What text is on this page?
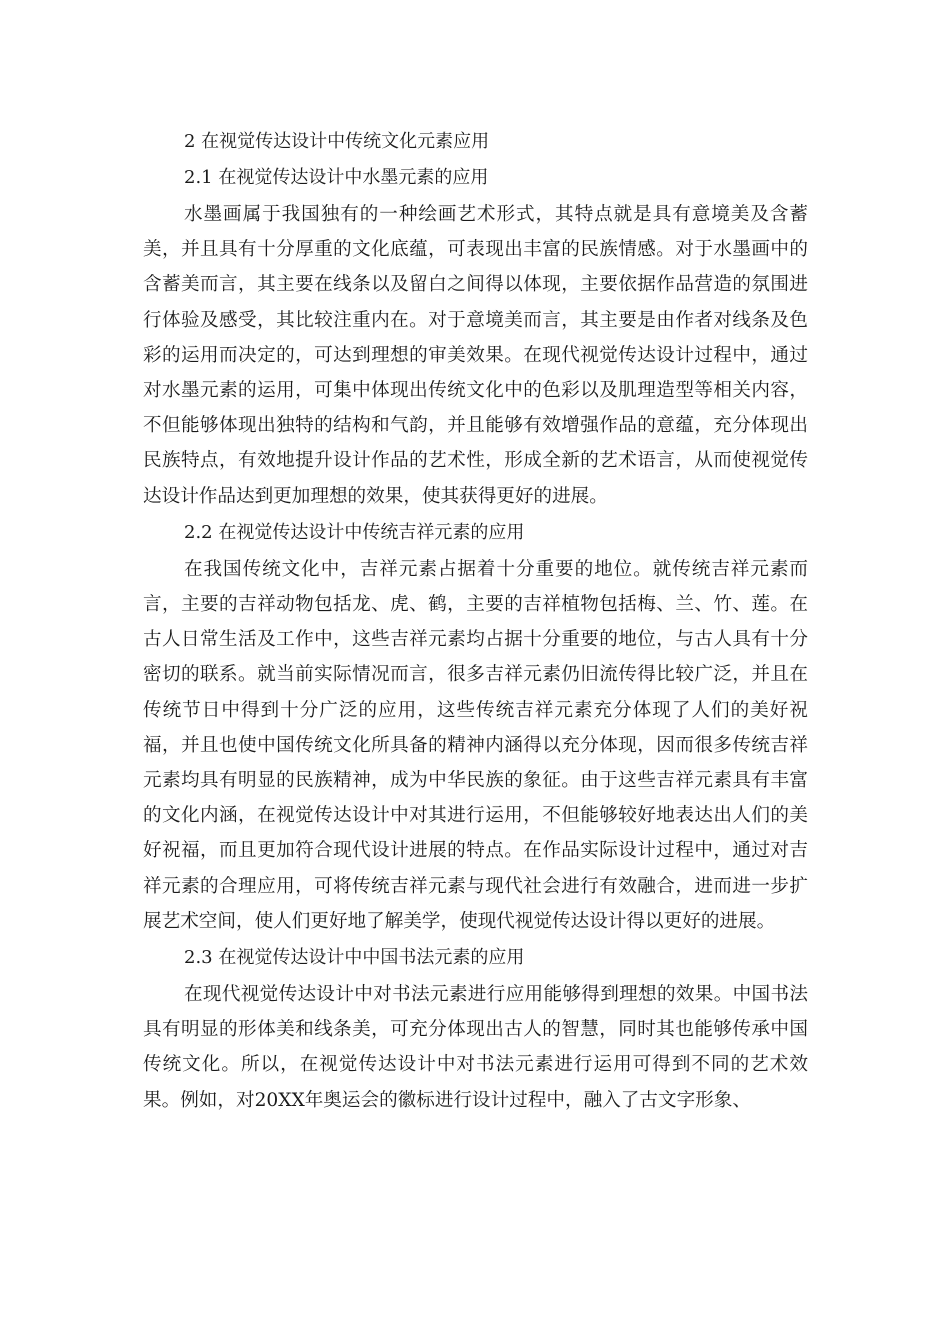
2 在视觉传达设计中传统文化元素应用
2.1 在视觉传达设计中水墨元素的应用

水墨画属于我国独有的一种绘画艺术形式，其特点就是具有意境美及含蓄美，并且具有十分厚重的文化底蕴，可表现出丰富的民族情感。对于水墨画中的含蓄美而言，其主要在线条以及留白之间得以体现，主要依据作品营造的氛围进行体验及感受，其比较注重内在。对于意境美而言，其主要是由作者对线条及色彩的运用而决定的，可达到理想的审美效果。在现代视觉传达设计过程中，通过对水墨元素的运用，可集中体现出传统文化中的色彩以及肌理造型等相关内容，不但能够体现出独特的结构和气韵，并且能够有效增强作品的意蕴，充分体现出民族特点，有效地提升设计作品的艺术性，形成全新的艺术语言，从而使视觉传达设计作品达到更加理想的效果，使其获得更好的进展。

2.2 在视觉传达设计中传统吉祥元素的应用

在我国传统文化中，吉祥元素占据着十分重要的地位。就传统吉祥元素而言，主要的吉祥动物包括龙、虎、鹤，主要的吉祥植物包括梅、兰、竹、莲。在古人日常生活及工作中，这些吉祥元素均占据十分重要的地位，与古人具有十分密切的联系。就当前实际情况而言，很多吉祥元素仍旧流传得比较广泛，并且在传统节日中得到十分广泛的应用，这些传统吉祥元素充分体现了人们的美好祝福，并且也使中国传统文化所具备的精神内涵得以充分体现，因而很多传统吉祥元素均具有明显的民族精神，成为中华民族的象征。由于这些吉祥元素具有丰富的文化内涵，在视觉传达设计中对其进行运用，不但能够较好地表达出人们的美好祝福，而且更加符合现代设计进展的特点。在作品实际设计过程中，通过对吉祥元素的合理应用，可将传统吉祥元素与现代社会进行有效融合，进而进一步扩展艺术空间，使人们更好地了解美学，使现代视觉传达设计得以更好的进展。

2.3 在视觉传达设计中中国书法元素的应用

在现代视觉传达设计中对书法元素进行应用能够得到理想的效果。中国书法具有明显的形体美和线条美，可充分体现出古人的智慧，同时其也能够传承中国传统文化。所以，在视觉传达设计中对书法元素进行运用可得到不同的艺术效果。例如，对20XX年奥运会的徽标进行设计过程中，融入了古文字形象、
